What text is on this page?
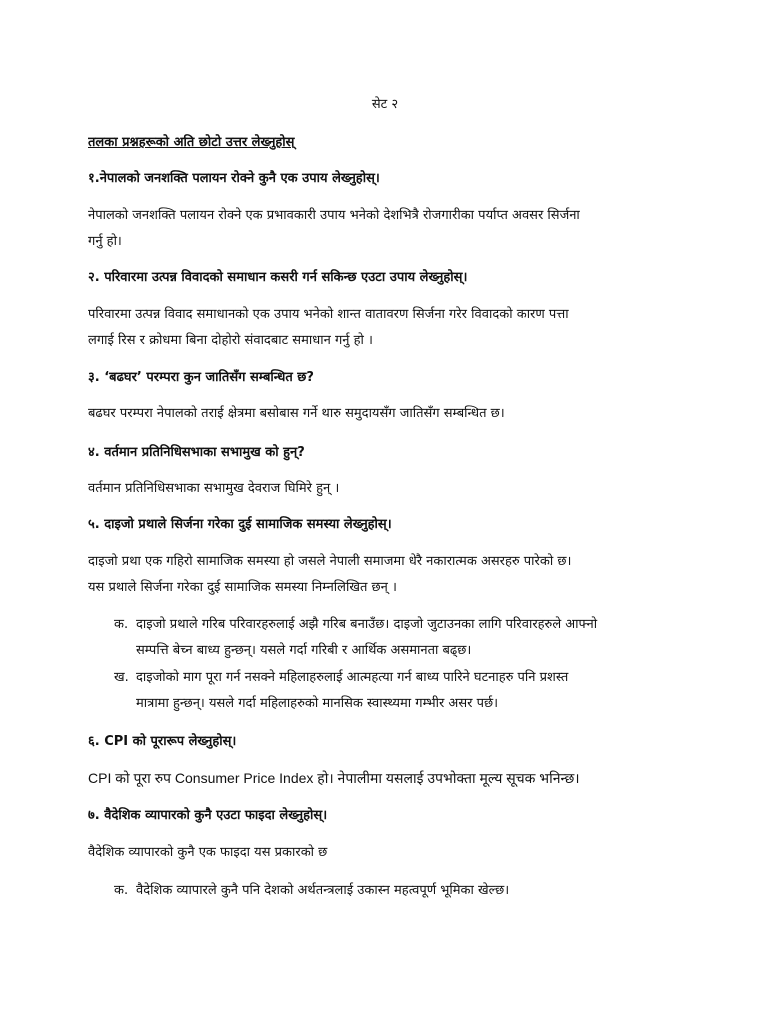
सेट २
तलका प्रश्नहरूको अति छोटो उत्तर लेख्नुहोस्
१.नेपालको जनशक्ति पलायन रोक्ने कुनै एक उपाय लेख्नुहोस्।
नेपालको जनशक्ति पलायन रोक्ने एक प्रभावकारी उपाय भनेको देशभित्रै रोजगारीका पर्याप्त अवसर सिर्जना
गर्नु हो।
२. परिवारमा उत्पन्न विवादको समाधान कसरी गर्न सकिन्छ एउटा उपाय लेख्नुहोस्।
परिवारमा उत्पन्न विवाद समाधानको एक उपाय भनेको शान्त वातावरण सिर्जना गरेर विवादको कारण पत्ता
लगाई रिस र क्रोधमा बिना दोहोरो संवादबाट समाधान गर्नु हो ।
३. ‘बढघर’ परम्परा कुन जातिसँग सम्बन्धित छ?
बढघर परम्परा नेपालको तराई क्षेत्रमा बसोबास गर्ने थारु समुदायसँग जातिसँग सम्बन्धित छ।
४. वर्तमान प्रतिनिधिसभाका सभामुख को हुन्?
वर्तमान प्रतिनिधिसभाका सभामुख देवराज घिमिरे हुन् ।
५. दाइजो प्रथाले सिर्जना गरेका दुई सामाजिक समस्या लेख्नुहोस्।
दाइजो प्रथा एक गहिरो सामाजिक समस्या हो जसले नेपाली समाजमा धेरै नकारात्मक असरहरु पारेको छ।
यस प्रथाले सिर्जना गरेका दुई सामाजिक समस्या निम्नलिखित छन् ।
क. दाइजो प्रथाले गरिब परिवारहरुलाई अझै गरिब बनाउँछ। दाइजो जुटाउनका लागि परिवारहरुले आफ्नो
सम्पत्ति बेच्न बाध्य हुन्छन्। यसले गर्दा गरिबी र आर्थिक असमानता बढ्छ।
ख. दाइजोको माग पूरा गर्न नसक्ने महिलाहरुलाई आत्महत्या गर्न बाध्य पारिने घटनाहरु पनि प्रशस्त
मात्रामा हुन्छन्। यसले गर्दा महिलाहरुको मानसिक स्वास्थ्यमा गम्भीर असर पर्छ।
६. CPI को पूरारूप लेख्नुहोस्।
CPI को पूरा रुप Consumer Price Index हो। नेपालीमा यसलाई उपभोक्ता मूल्य सूचक भनिन्छ।
७. वैदेशिक व्यापारको कुनै एउटा फाइदा लेख्नुहोस्।
वैदेशिक व्यापारको कुनै एक फाइदा यस प्रकारको छ
क. वैदेशिक व्यापारले कुनै पनि देशको अर्थतन्त्रलाई उकास्न महत्वपूर्ण भूमिका खेल्छ।
